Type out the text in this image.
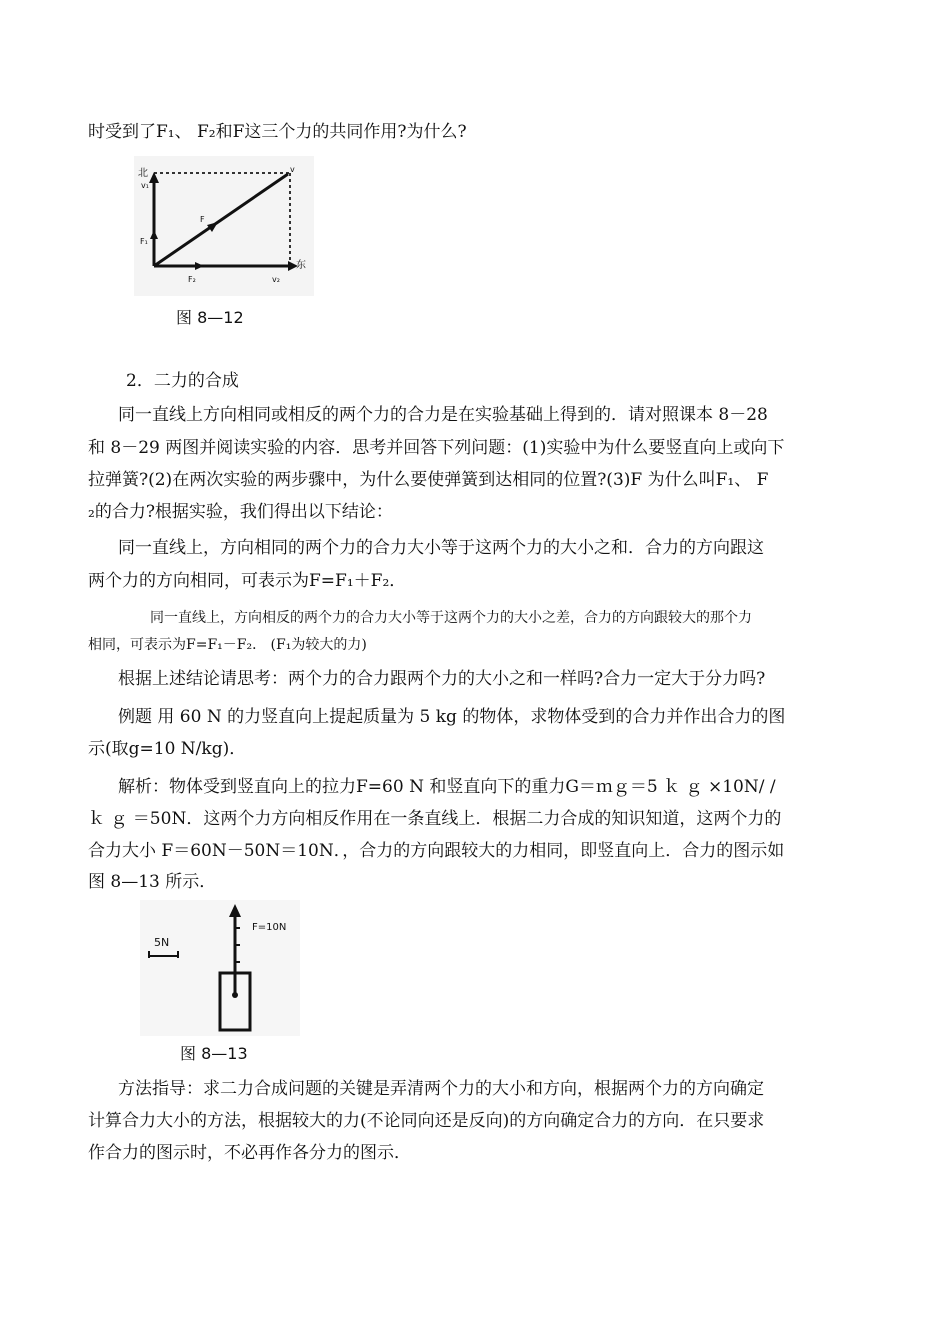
时受到了F₁、 F₂和F这三个力的共同作用?为什么?
北
v₁
F₁
F
v
F₂	v₂
东
图 8—12
2．二力的合成
同一直线上方向相同或相反的两个力的合力是在实验基础上得到的．请对照课本 8－28
和 8－29 两图并阅读实验的内容．思考并回答下列问题：(1)实验中为什么要竖直向上或向下
拉弹簧?(2)在两次实验的两步骤中，为什么要使弹簧到达相同的位置?(3)F 为什么叫F₁、 F
₂的合力?根据实验，我们得出以下结论：
同一直线上，方向相同的两个力的合力大小等于这两个力的大小之和．合力的方向跟这
两个力的方向相同，可表示为F=F₁＋F₂．
同一直线上，方向相反的两个力的合力大小等于这两个力的大小之差，合力的方向跟较大的那个力
相同，可表示为F=F₁－F₂． (F₁为较大的力)
根据上述结论请思考：两个力的合力跟两个力的大小之和一样吗?合力一定大于分力吗?
例题 用 60 N 的力竖直向上提起质量为 5 kg 的物体，求物体受到的合力并作出合力的图
示(取g=10 N/kg)．
解析：物体受到竖直向上的拉力F=60 N 和竖直向下的重力G＝ｍｇ＝5 ｋ ｇ ×10N/ /
ｋ ｇ ＝50N．这两个力方向相反作用在一条直线上．根据二力合成的知识知道，这两个力的
合力大小 F＝60N－50N＝10N．，合力的方向跟较大的力相同，即竖直向上．合力的图示如
图 8—13 所示．
5N
F=10N
图 8—13
方法指导：求二力合成问题的关键是弄清两个力的大小和方向，根据两个力的方向确定
计算合力大小的方法，根据较大的力(不论同向还是反向)的方向确定合力的方向．在只要求
作合力的图示时，不必再作各分力的图示．
